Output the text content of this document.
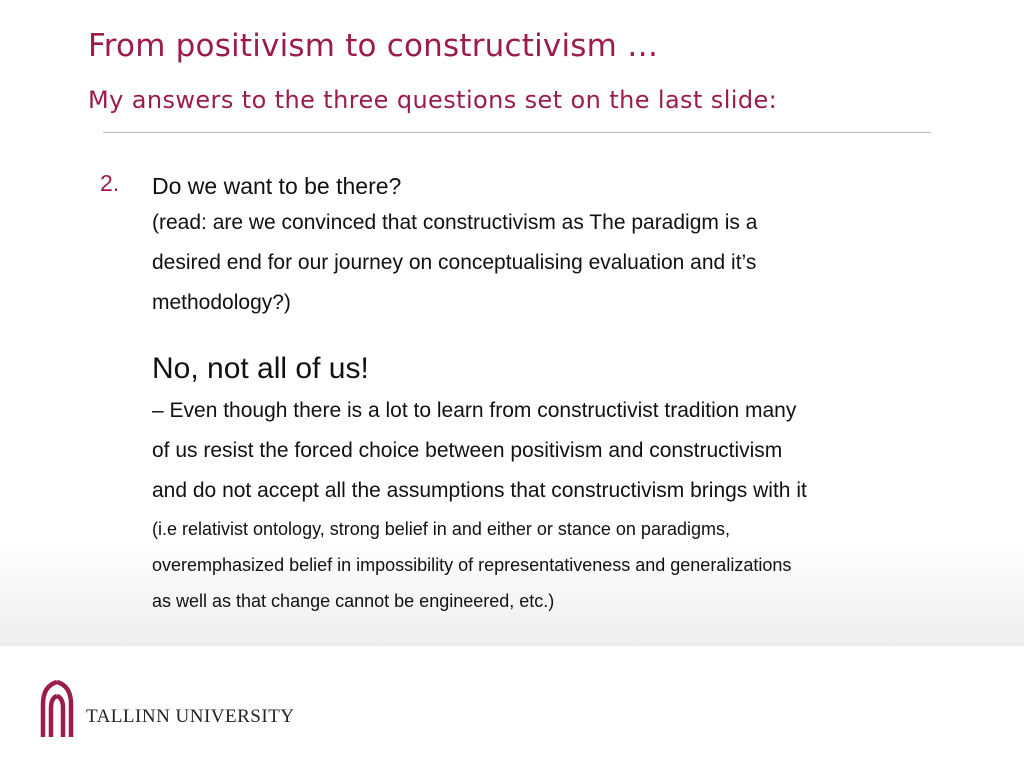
From positivism to constructivism …
My answers to the three questions set on the last slide:
2. Do we want to be there?
(read: are we convinced that constructivism as The paradigm is a
desired end for our journey on conceptualising evaluation and it’s
methodology?)
No, not all of us!
– Even though there is a lot to learn from constructivist tradition many
of us resist the forced choice between positivism and constructivism
and do not accept all the assumptions that constructivism brings with it
(i.e relativist ontology, strong belief in and either or stance on paradigms,
overemphasized belief in impossibility of representativeness and generalizations
as well as that change cannot be engineered, etc.)
TALLINN UNIVERSITY
